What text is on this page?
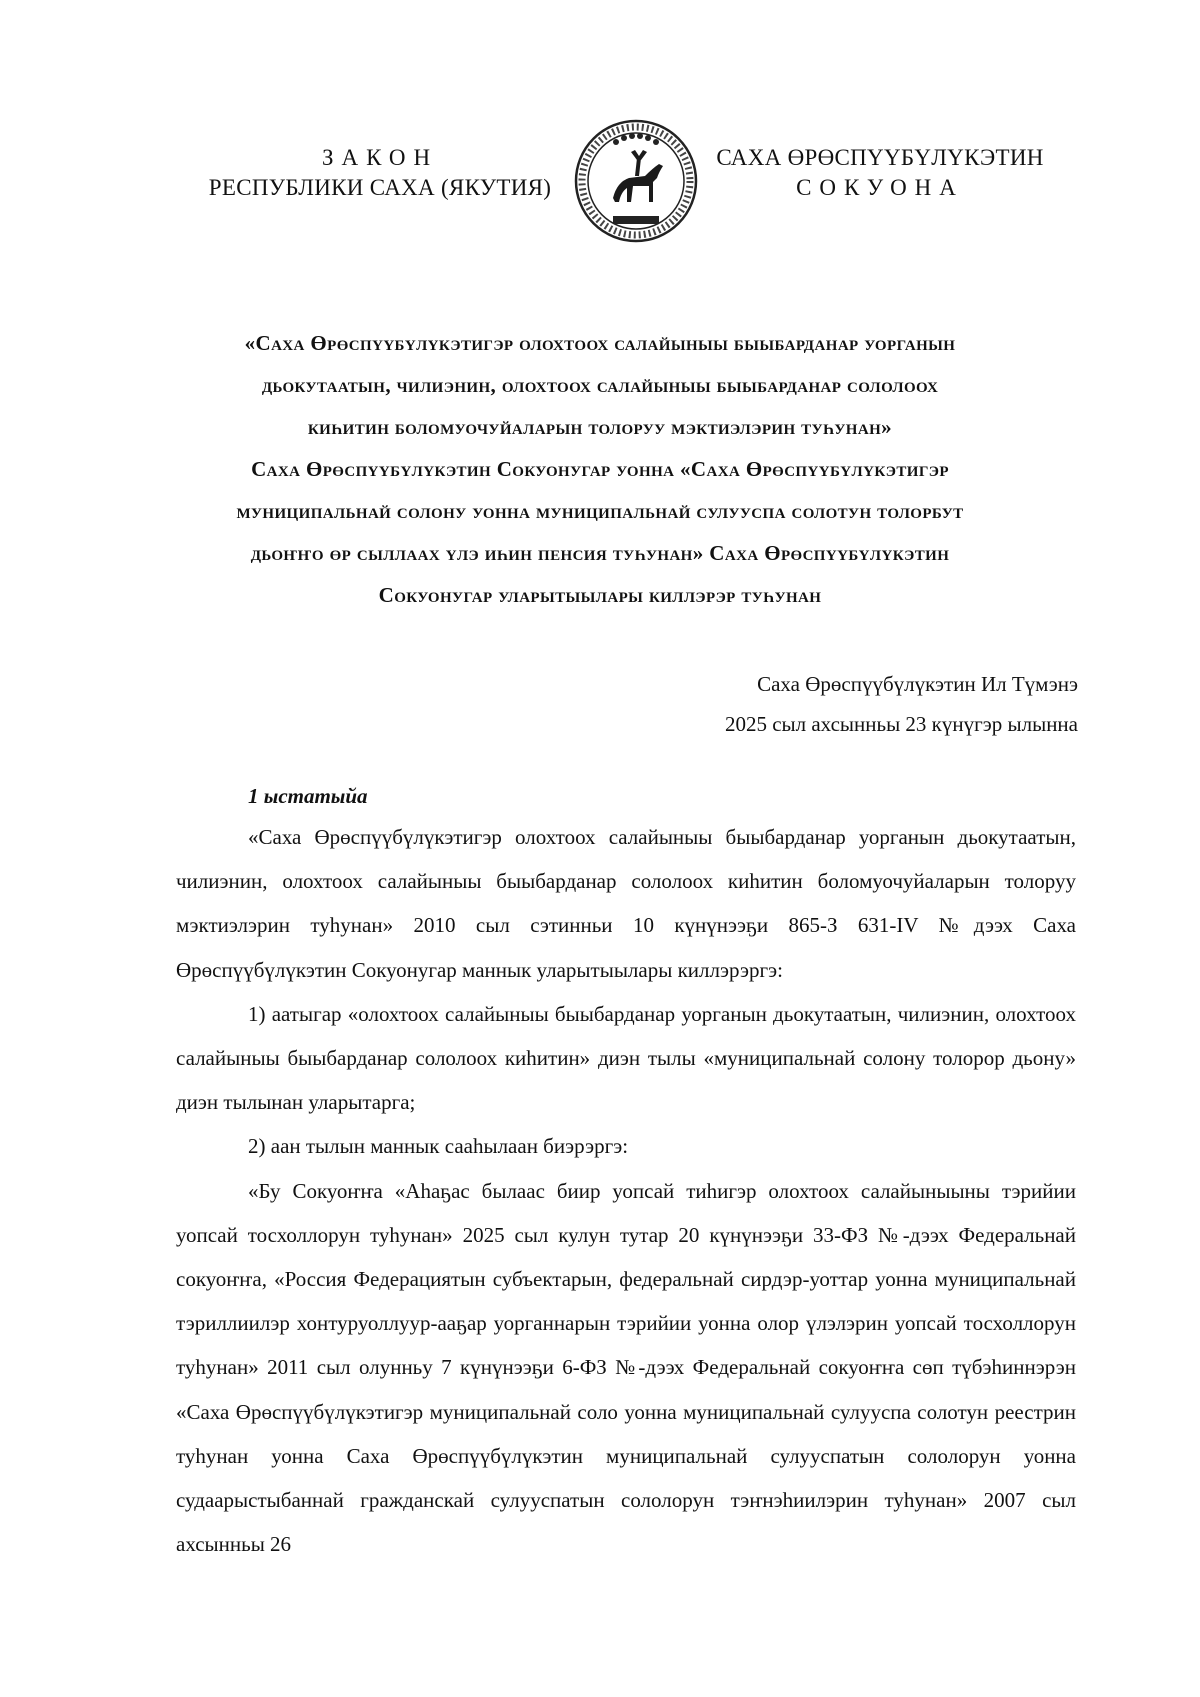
ЗАКОН
РЕСПУБЛИКИ САХА (ЯКУТИЯ)
САХА ӨРӨСПҮҮБҮЛҮКЭТИН
СОКУОНА
«Саха Өрөспүүбүлүкэтигэр олохтоох салайыныы быыбарданар уорганын
дьокутаатын, чилиэнин, олохтоох салайыныы быыбарданар сололоох
киһитин боломуочуйаларын толоруу мэктиэлэрин туһунан»
Саха Өрөспүүбүлүкэтин Сокуонугар уонна «Саха Өрөспүүбүлүкэтигэр
муниципальнай солону уонна муниципальнай сулууспа солотун толорбут
дьоҥҥо өр сыллаах үлэ иһин пенсия туһунан» Саха Өрөспүүбүлүкэтин
Сокуонугар уларытыылары киллэрэр туһунан
Саха Өрөспүүбүлүкэтин Ил Түмэнэ
2025 сыл ахсынньы 23 күнүгэр ылынна
1 ыстатыйа

«Саха Өрөспүүбүлүкэтигэр олохтоох салайыныы быыбарданар уорганын дьокутаатын, чилиэнин, олохтоох салайыныы быыбарданар сололоох киһитин боломуочуйаларын толоруу мэктиэлэрин туһунан» 2010 сыл сэтинньи 10 күнүнээҕи 865-З 631-IV №дээх Саха Өрөспүүбүлүкэтин Сокуонугар маннык уларытыылары киллэрэргэ:

1) аатыгар «олохтоох салайыныы быыбарданар уорганын дьокутаатын, чилиэнин, олохтоох салайыныы быыбарданар сололоох киһитин» диэн тылы «муниципальнай солону толорор дьону» диэн тылынан уларытарга;

2) аан тылын маннык сааһылаан биэрэргэ:

«Бу Сокуоҥҥа «Аһаҕас былаас биир уопсай тиһигэр олохтоох салайыныыны тэрийии уопсай тосхоллорун туһунан» 2025 сыл кулун тутар 20 күнүнээҕи 33-ФЗ №-дээх Федеральнай сокуоҥҥа, «Россия Федерациятын субъектарын, федеральнай сирдэр-уоттар уонна муниципальнай тэриллиилэр хонтуруоллуур-ааҕар уорганнарын тэрийии уонна олор үлэлэрин уопсай тосхоллорун туһунан» 2011 сыл олунньу 7 күнүнээҕи 6-ФЗ №-дээх Федеральнай сокуоҥҥа сөп түбэһиннэрэн «Саха Өрөспүүбүлүкэтигэр муниципальнай соло уонна муниципальнай сулууспа солотун реестрин туһунан уонна Саха Өрөспүүбүлүкэтин муниципальнай сулууспатын сололорун уонна судаарыстыбаннай гражданскай сулууспатын сололорун тэҥнэһиилэрин туһунан» 2007 сыл ахсынньы 26
